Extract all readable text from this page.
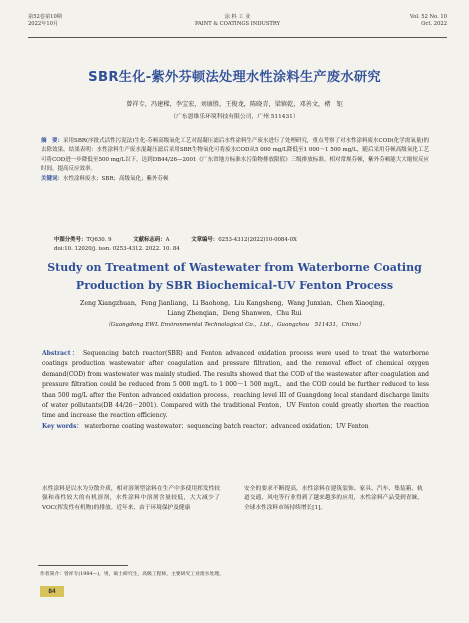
第52卷第10期
2022年10月
涂 料 工 业
PAINT & COATINGS INDUSTRY
Vol. 52 No. 10
Oct. 2022
SBR生化-紫外芬顿法处理水性涂料生产废水研究
曾祥专，冯建樑，李宝宏，刘康胜，王俊龙，陈晓青，梁镇乾，邓善文，褚　钜
（广东恩维乐环境科技有限公司，广州 511431）
摘　要：采用SBR(序批式活性污泥法)生化-芬顿高级氧化工艺对混凝压滤后水性涂料生产废水进行了处理研究，重点考察了对水性涂料废水COD(化学需氧量)的去除效果。结果表明：水性涂料生产废水混凝压滤后采用SBR生物氧化可将废水COD从5 000 mg/L降低至1 000～1 500 mg/L，随后采用芬顿高级氧化工艺可将COD进一步降低至500 mg/L以下，达到DB44/26—2001《广东省地方标准水污染物排放限值》三级排放标准。相对常规芬顿，紫外芬顿能大大缩短反应时间，提高反应效率。
关键词：水性涂料废水；SBR；高级氧化；紫外芬顿
中图分类号：TQ630. 9	文献标志码：A	文章编号：0253-4312(2022)10-0084-0X
doi:10. 12020/j. issn. 0253-4312. 2022. 10. 84
Study on Treatment of Wastewater from Waterborne Coating
Production by SBR Biochemical-UV Fenton Process
Zeng Xiangzhuan，Feng Jianliang，Li Baohong，Liu Kangsheng，Wang Junxian，Chen Xiaoqing，
Liang Zhenqian，Deng Shanwen，Chu Rui
（Guangdong EWL Environmental Technological Co.，Ltd.，Guangzhou　511431，China）
Abstract： Sequencing batch reactor(SBR) and Fenton advanced oxidation process were used to treat the waterborne coatings production wastewater after coagulation and pressure filtration, and the removal effect of chemical oxygen demand(COD) from wastewater was mainly studied. The results showed that the COD of the wastewater after coagulation and pressure filtration could be reduced from 5 000 mg/L to 1 000～1 500 mg/L，and the COD could be further reduced to less than 500 mg/L after the Fenton advanced oxidation process，reaching level III of Guangdong local standard discharge limits of water pollutants(DB 44/26－2001). Compared with the traditional Fenton，UV Fenton could greatly shorten the reaction time and increase the reaction efficiency.
Key words： waterborne coating wastewater；sequencing batch reactor；advanced oxidation；UV Fenton
水性涂料是以水为分散介质，相对溶剂型涂料在生产中多使用挥发性较强和毒性较大的有机溶剂，水性涂料中溶剂含量较低，大大减少了VOC(挥发性有机物)的排放。近年来，由于环境保护及健康
安全的要求不断提高，水性涂料在建筑装饰、家具、汽车、集装箱、轨道交通、风电等行业得到了越来越多的应用，水性涂料产品受到青睐，全球水性涂料市场持续增长[1]。
作者简介：曾祥专(1984—)，男，硕士研究生，高级工程师，主要研究工业废水处理。
84
